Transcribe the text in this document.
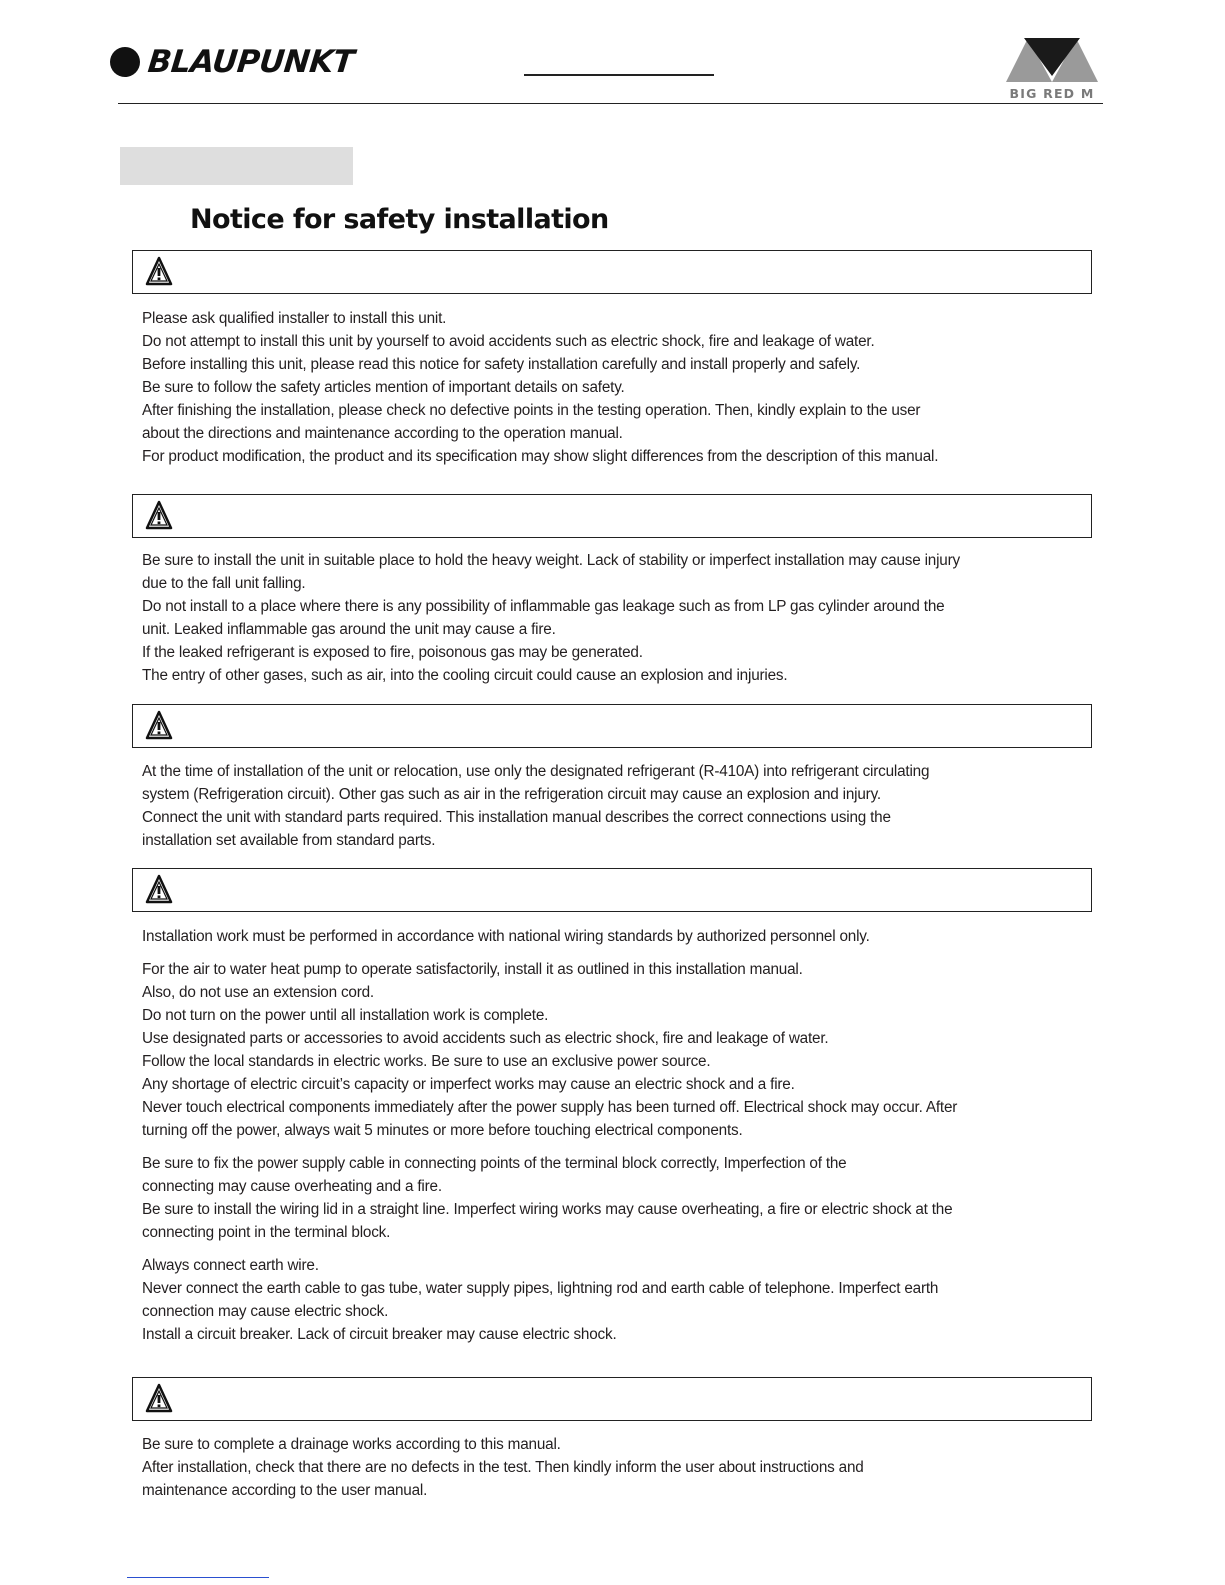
BLAUPUNKT
BIG RED M
Notice for safety installation
Please ask qualified installer to install this unit.
Do not attempt to install this unit by yourself to avoid accidents such as electric shock, fire and leakage of water.
Before installing this unit, please read this notice for safety installation carefully and install properly and safely.
Be sure to follow the safety articles mention of important details on safety.
After finishing the installation, please check no defective points in the testing operation. Then, kindly explain to the user
about the directions and maintenance according to the operation manual.
For product modification, the product and its specification may show slight differences from the description of this manual.
Be sure to install the unit in suitable place to hold the heavy weight. Lack of stability or imperfect installation may cause injury
due to the fall unit falling.
Do not install to a place where there is any possibility of inflammable gas leakage such as from LP gas cylinder around the
unit. Leaked inflammable gas around the unit may cause a fire.
If the leaked refrigerant is exposed to fire, poisonous gas may be generated.
The entry of other gases, such as air, into the cooling circuit could cause an explosion and injuries.
At the time of installation of the unit or relocation, use only the designated refrigerant (R-410A) into refrigerant circulating
system (Refrigeration circuit). Other gas such as air in the refrigeration circuit may cause an explosion and injury.
Connect the unit with standard parts required. This installation manual describes the correct connections using the
installation set available from standard parts.
Installation work must be performed in accordance with national wiring standards by authorized personnel only.
For the air to water heat pump to operate satisfactorily, install it as outlined in this installation manual.
Also, do not use an extension cord.
Do not turn on the power until all installation work is complete.
Use designated parts or accessories to avoid accidents such as electric shock, fire and leakage of water.
Follow the local standards in electric works. Be sure to use an exclusive power source.
Any shortage of electric circuit’s capacity or imperfect works may cause an electric shock and a fire.
Never touch electrical components immediately after the power supply has been turned off. Electrical shock may occur. After
turning off the power, always wait 5 minutes or more before touching electrical components.
Be sure to fix the power supply cable in connecting points of the terminal block correctly, Imperfection of the
connecting may cause overheating and a fire.
Be sure to install the wiring lid in a straight line. Imperfect wiring works may cause overheating, a fire or electric shock at the
connecting point in the terminal block.
Always connect earth wire.
Never connect the earth cable to gas tube, water supply pipes, lightning rod and earth cable of telephone. Imperfect earth
connection may cause electric shock.
Install a circuit breaker. Lack of circuit breaker may cause electric shock.
Be sure to complete a drainage works according to this manual.
After installation, check that there are no defects in the test. Then kindly inform the user about instructions and
maintenance according to the user manual.
